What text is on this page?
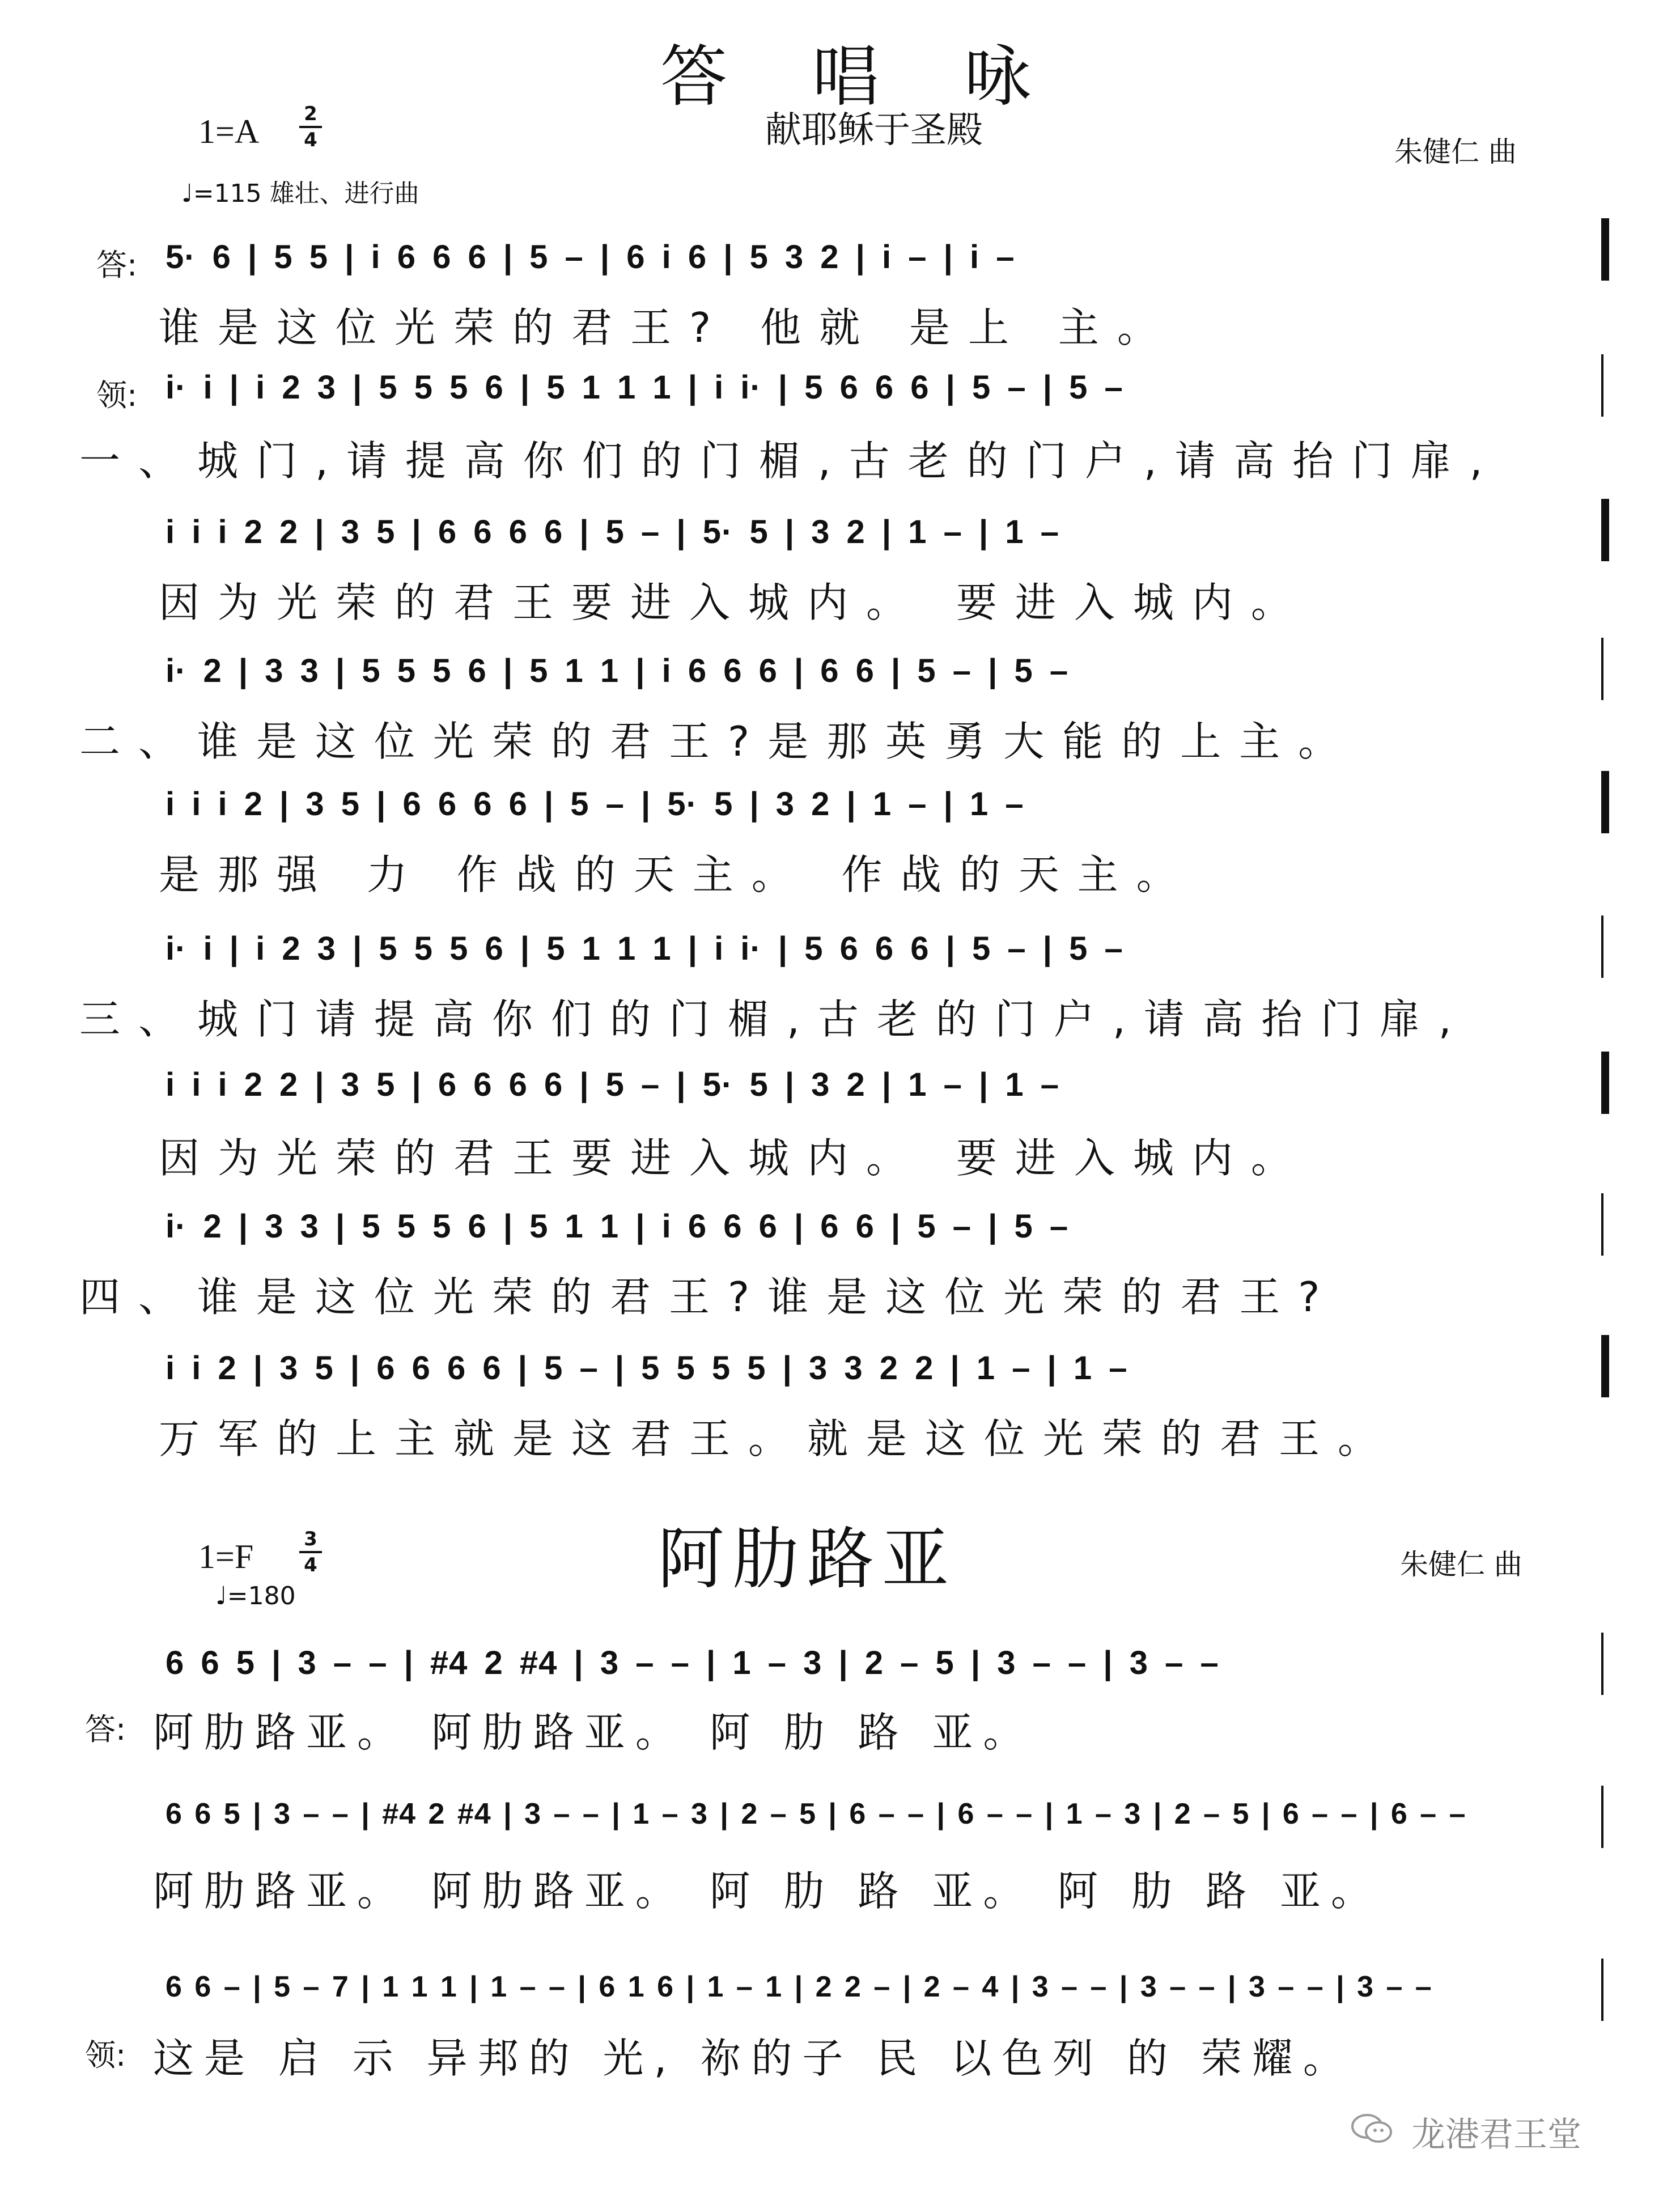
答唱咏
献耶稣于圣殿
朱健仁 曲
$1=A \frac{2}{4}$
♩=115 雄壮、进行曲
答: 5· 6 | 5 5 | i 6 6 6 | 5 – | 6 i 6 | 5 3 2 | i – | i –
谁是这位光荣的君王? 他就 是上 主。
领: i· i | i 2 3 | 5 5 5 6 | 5 1 1 1 | i i· | 5 6 6 6 | 5 – | 5 –
一、城门,请提高你们的门楣,古老的门户,请高抬门扉,
i i i 2 2 | 3 5 | 6 6 6 6 | 5 – | 5· 5 | 3 2 | 1 – | 1 –
因为光荣的君王要进入城内。 要进入城内。
i· 2 | 3 3 | 5 5 5 6 | 5 1 1 | i 6 6 6 | 6 6 | 5 – | 5 –
二、谁是这位光荣的君王?是那英勇大能的上主。
i i i 2 | 3 5 | 6 6 6 6 | 5 – | 5· 5 | 3 2 | 1 – | 1 –
是那强 力 作战的天主。 作战的天主。
i· i | i 2 3 | 5 5 5 6 | 5 1 1 1 | i i· | 5 6 6 6 | 5 – | 5 –
三、城门请提高你们的门楣,古老的门户,请高抬门扉,
i i i 2 2 | 3 5 | 6 6 6 6 | 5 – | 5· 5 | 3 2 | 1 – | 1 –
因为光荣的君王要进入城内。 要进入城内。
i· 2 | 3 3 | 5 5 5 6 | 5 1 1 | i 6 6 6 | 6 6 | 5 – | 5 –
四、谁是这位光荣的君王?谁是这位光荣的君王?
i i 2 | 3 5 | 6 6 6 6 | 5 – | 5 5 5 5 | 3 3 2 2 | 1 – | 1 –
万军的上主就是这君王。就是这位光荣的君王。
阿肋路亚	朱健仁 曲
$1=F \frac{3}{4}$
♩=180
6 6 5 | 3 – – | #4 2 #4 | 3 – – | 1 – 3 | 2 – 5 | 3 – – | 3 – –
答: 阿肋路亚。 阿肋路亚。 阿 肋 路 亚。
6 6 5 | 3 – – | #4 2 #4 | 3 – – | 1 – 3 | 2 – 5 | 6 – – | 6 – – | 1 – 3 | 2 – 5 | 6 – – | 6 – –
阿肋路亚。 阿肋路亚。 阿 肋 路 亚。 阿 肋 路 亚。
6 6 – | 5 – 7 | 1 1 1 | 1 – – | 6 1 6 | 1 – 1 | 2 2 – | 2 – 4 | 3 – – | 3 – – | 3 – – | 3 – –
领: 这是 启 示 异邦的 光, 祢的子 民 以色列 的 荣耀。
龙港君王堂
